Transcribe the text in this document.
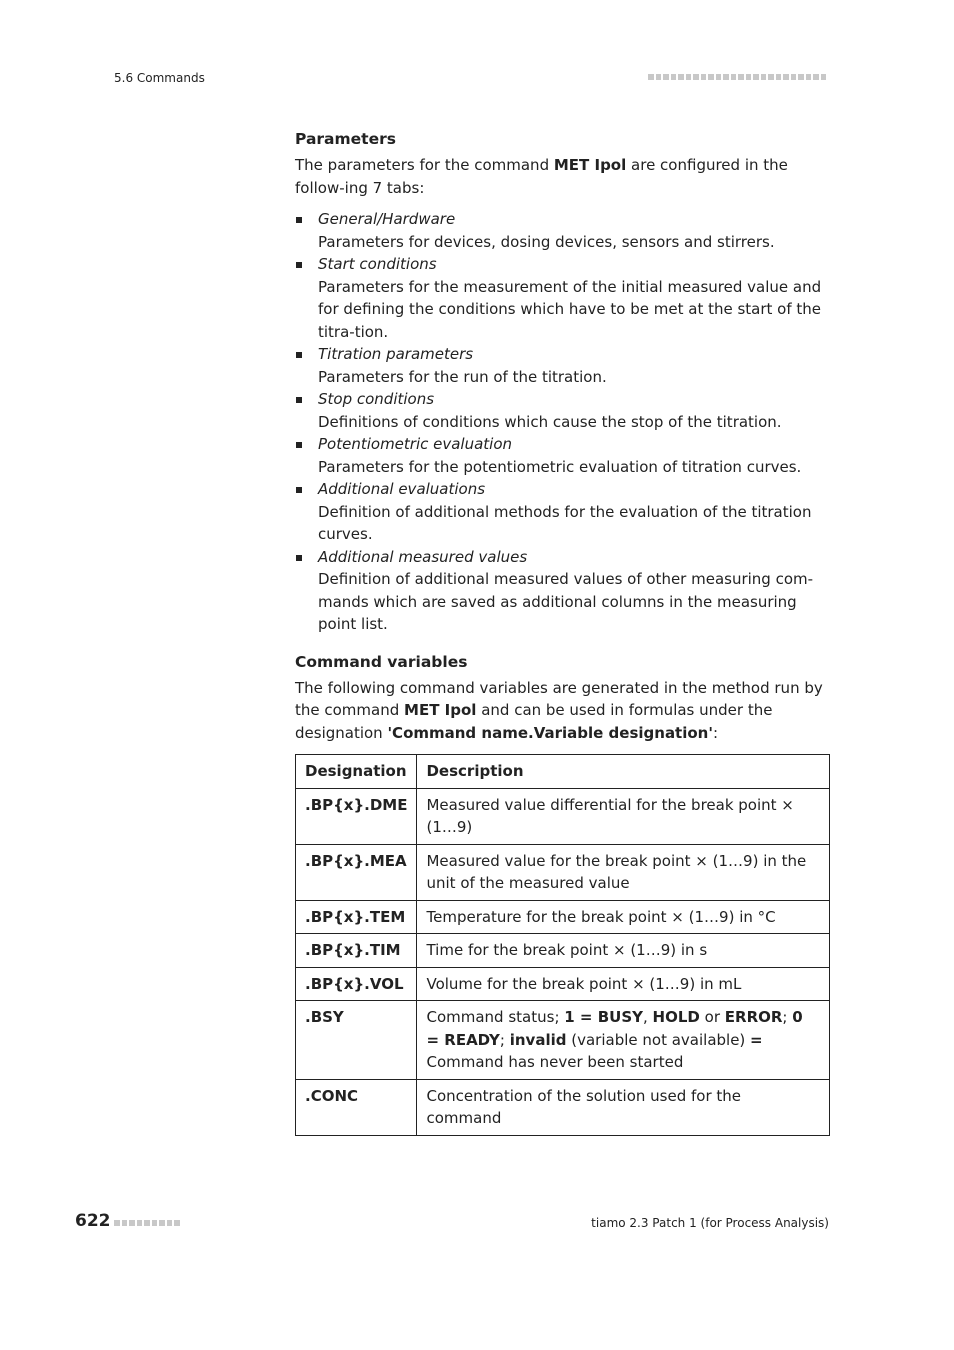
5.6 Commands
Parameters

The parameters for the command MET Ipol are configured in the follow-ing 7 tabs:

General/Hardware
Parameters for devices, dosing devices, sensors and stirrers.
Start conditions
Parameters for the measurement of the initial measured value and for defining the conditions which have to be met at the start of the titra-tion.
Titration parameters
Parameters for the run of the titration.
Stop conditions
Definitions of conditions which cause the stop of the titration.
Potentiometric evaluation
Parameters for the potentiometric evaluation of titration curves.
Additional evaluations
Definition of additional methods for the evaluation of the titration curves.
Additional measured values
Definition of additional measured values of other measuring com-mands which are saved as additional columns in the measuring point list.
Command variables

The following command variables are generated in the method run by the command MET Ipol and can be used in formulas under the designation 'Command name.Variable designation':

Designation	Description
.BP{x}.DME	Measured value differential for the break point × (1…9)
.BP{x}.MEA	Measured value for the break point × (1…9) in the unit of the measured value
.BP{x}.TEM	Temperature for the break point × (1…9) in °C
.BP{x}.TIM	Time for the break point × (1…9) in s
.BP{x}.VOL	Volume for the break point × (1…9) in mL
.BSY	Command status; 1 = BUSY, HOLD or ERROR; 0 = READY; invalid (variable not available) = Command has never been started
.CONC	Concentration of the solution used for the command
622	tiamo 2.3 Patch 1 (for Process Analysis)
